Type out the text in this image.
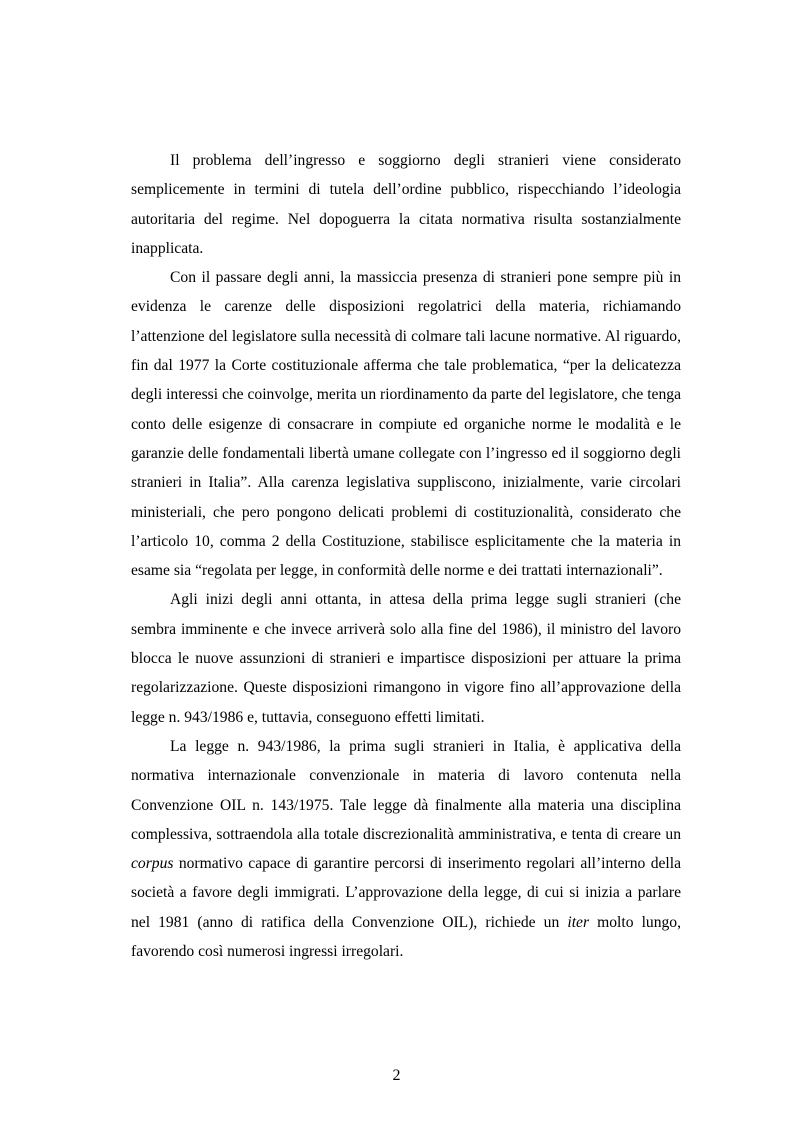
Il problema dell’ingresso e soggiorno degli stranieri viene considerato semplicemente in termini di tutela dell’ordine pubblico, rispecchiando l’ideologia autoritaria del regime. Nel dopoguerra la citata normativa risulta sostanzialmente inapplicata.

Con il passare degli anni, la massiccia presenza di stranieri pone sempre più in evidenza le carenze delle disposizioni regolatrici della materia, richiamando l’attenzione del legislatore sulla necessità di colmare tali lacune normative. Al riguardo, fin dal 1977 la Corte costituzionale afferma che tale problematica, “per la delicatezza degli interessi che coinvolge, merita un riordinamento da parte del legislatore, che tenga conto delle esigenze di consacrare in compiute ed organiche norme le modalità e le garanzie delle fondamentali libertà umane collegate con l’ingresso ed il soggiorno degli stranieri in Italia”. Alla carenza legislativa suppliscono, inizialmente, varie circolari ministeriali, che pero pongono delicati problemi di costituzionalità, considerato che l’articolo 10, comma 2 della Costituzione, stabilisce esplicitamente che la materia in esame sia “regolata per legge, in conformità delle norme e dei trattati internazionali”.

Agli inizi degli anni ottanta, in attesa della prima legge sugli stranieri (che sembra imminente e che invece arriverà solo alla fine del 1986), il ministro del lavoro blocca le nuove assunzioni di stranieri e impartisce disposizioni per attuare la prima regolarizzazione. Queste disposizioni rimangono in vigore fino all’approvazione della legge n. 943/1986 e, tuttavia, conseguono effetti limitati.

La legge n. 943/1986, la prima sugli stranieri in Italia, è applicativa della normativa internazionale convenzionale in materia di lavoro contenuta nella Convenzione OIL n. 143/1975. Tale legge dà finalmente alla materia una disciplina complessiva, sottraendola alla totale discrezionalità amministrativa, e tenta di creare un corpus normativo capace di garantire percorsi di inserimento regolari all’interno della società a favore degli immigrati. L’approvazione della legge, di cui si inizia a parlare nel 1981 (anno di ratifica della Convenzione OIL), richiede un iter molto lungo, favorendo così numerosi ingressi irregolari.

2
